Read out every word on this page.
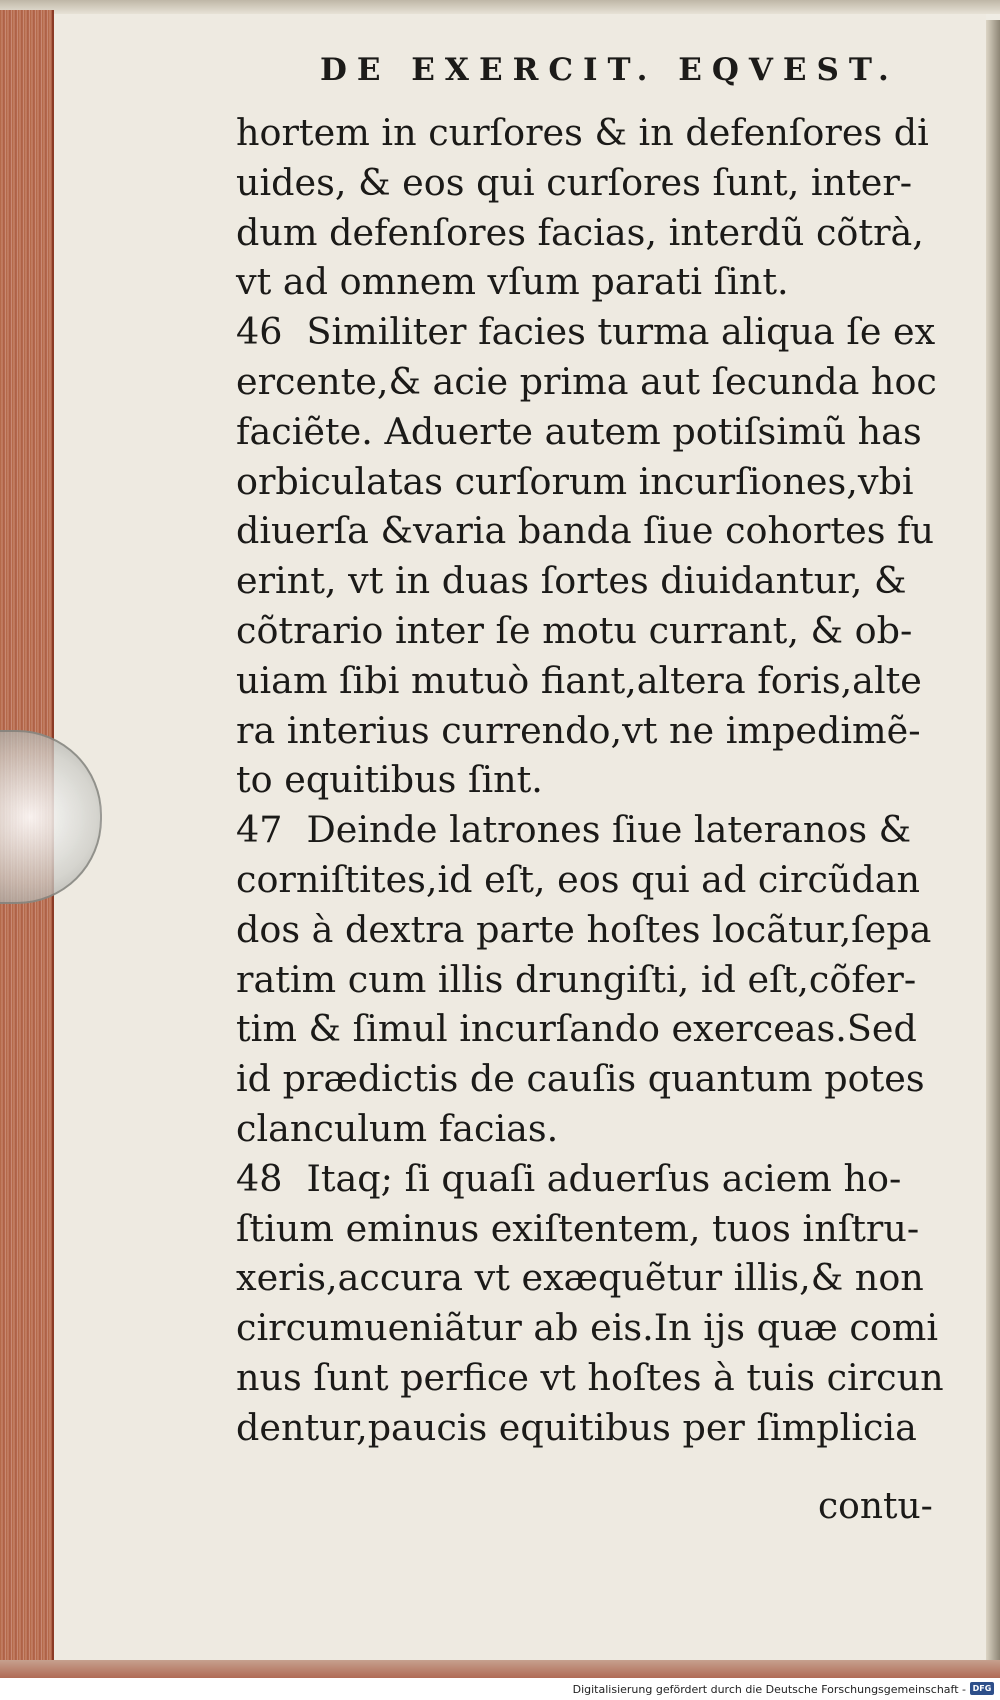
DE EXERCIT. EQVEST.
hortem in curſores & in defenſores di
uides, & eos qui curſores ſunt, inter-
dum defenſores facias, interdũ cõtrà,
vt ad omnem vſum parati ſint.
46 Similiter facies turma aliqua ſe ex
ercente,& acie prima aut ſecunda hoc
faciẽte. Aduerte autem potiſsimũ has
orbiculatas curſorum incurſiones,vbi
diuerſa &varia banda ſiue cohortes fu
erint, vt in duas ſortes diuidantur, &
cõtrario inter ſe motu currant, & ob-
uiam ſibi mutuò fiant,altera foris,alte
ra interius currendo,vt ne impedimẽ-
to equitibus ſint.
47 Deinde latrones ſiue lateranos &
corniſtites,id eſt, eos qui ad circũdan
dos à dextra parte hoſtes locãtur,ſepa
ratim cum illis drungiſti, id eſt,cõfer-
tim & ſimul incurſando exerceas.Sed
id prædictis de cauſis quantum potes
clanculum facias.
48 Itaq; ſi quaſi aduerſus aciem ho-
ſtium eminus exiſtentem, tuos inſtru-
xeris,accura vt exæquẽtur illis,& non
circumueniãtur ab eis.In ijs quæ comi
nus ſunt perfice vt hoſtes à tuis circun
dentur,paucis equitibus per ſimplicia
contu-
Digitalisierung gefördert durch die Deutsche Forschungsgemeinschaft - DFG
